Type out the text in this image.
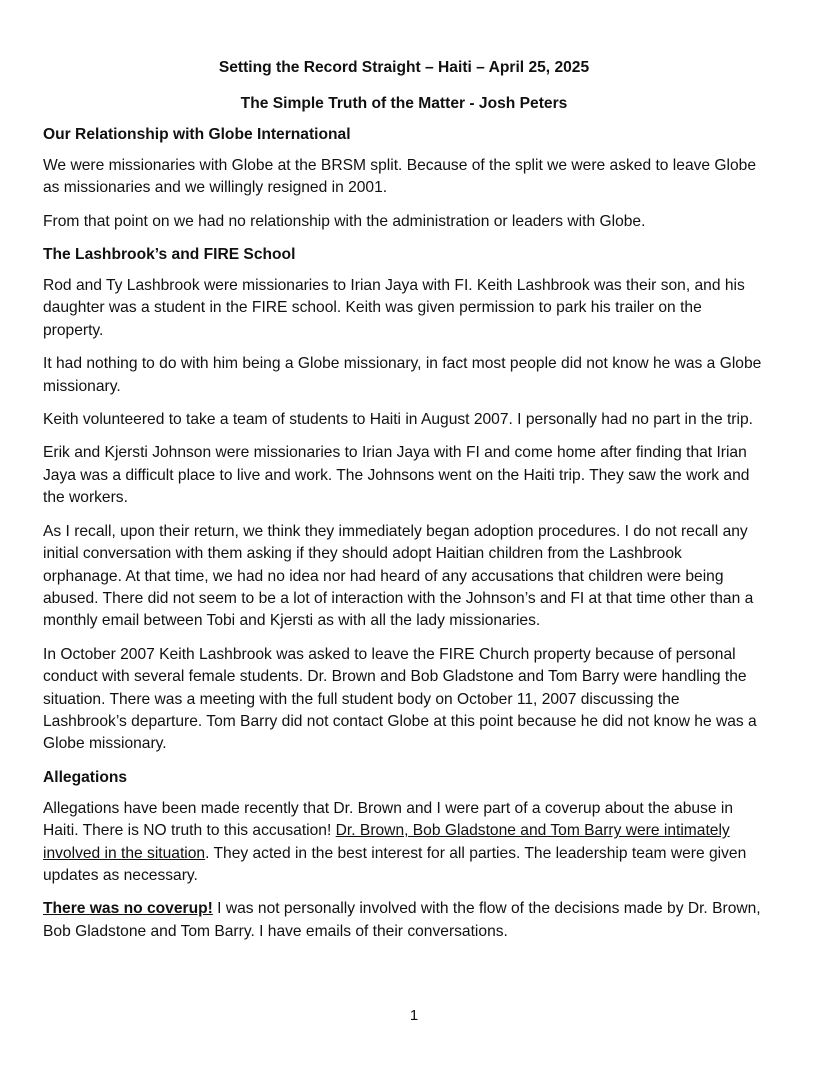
Setting the Record Straight – Haiti – April 25, 2025
The Simple Truth of the Matter - Josh Peters
Our Relationship with Globe International

We were missionaries with Globe at the BRSM split. Because of the split we were asked to leave Globe as missionaries and we willingly resigned in 2001.

From that point on we had no relationship with the administration or leaders with Globe.

The Lashbrook’s and FIRE School

Rod and Ty Lashbrook were missionaries to Irian Jaya with FI. Keith Lashbrook was their son, and his daughter was a student in the FIRE school. Keith was given permission to park his trailer on the property.

It had nothing to do with him being a Globe missionary, in fact most people did not know he was a Globe missionary.

Keith volunteered to take a team of students to Haiti in August 2007. I personally had no part in the trip.

Erik and Kjersti Johnson were missionaries to Irian Jaya with FI and come home after finding that Irian Jaya was a difficult place to live and work. The Johnsons went on the Haiti trip. They saw the work and the workers.

As I recall, upon their return, we think they immediately began adoption procedures. I do not recall any initial conversation with them asking if they should adopt Haitian children from the Lashbrook orphanage. At that time, we had no idea nor had heard of any accusations that children were being abused. There did not seem to be a lot of interaction with the Johnson’s and FI at that time other than a monthly email between Tobi and Kjersti as with all the lady missionaries.

In October 2007 Keith Lashbrook was asked to leave the FIRE Church property because of personal conduct with several female students. Dr. Brown and Bob Gladstone and Tom Barry were handling the situation. There was a meeting with the full student body on October 11, 2007 discussing the Lashbrook’s departure. Tom Barry did not contact Globe at this point because he did not know he was a Globe missionary.

Allegations

Allegations have been made recently that Dr. Brown and I were part of a coverup about the abuse in Haiti. There is NO truth to this accusation! Dr. Brown, Bob Gladstone and Tom Barry were intimately involved in the situation. They acted in the best interest for all parties. The leadership team were given updates as necessary.

There was no coverup! I was not personally involved with the flow of the decisions made by Dr. Brown, Bob Gladstone and Tom Barry. I have emails of their conversations.

1
